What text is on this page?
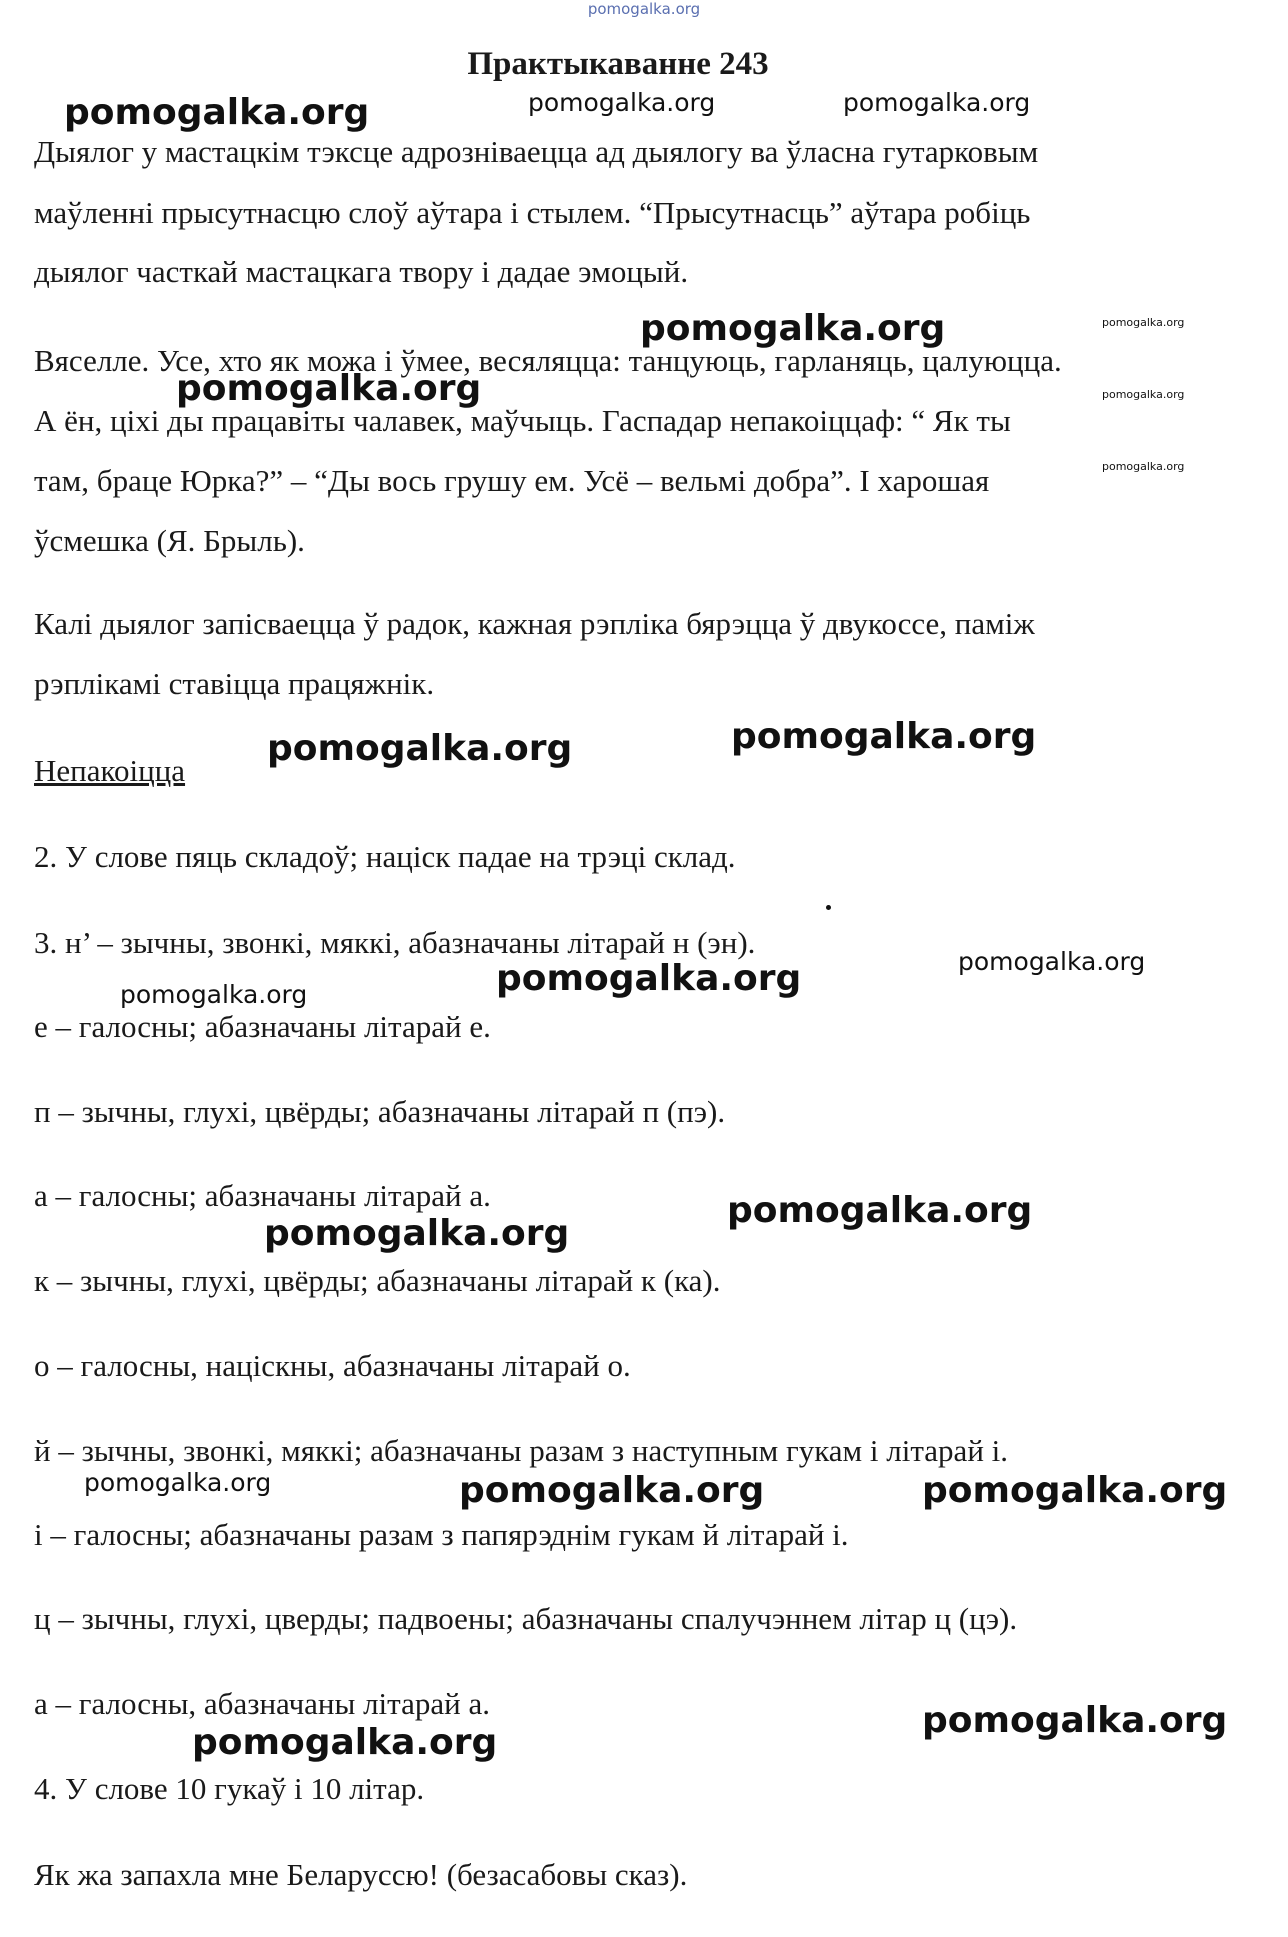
pomogalka.org
Практыкаванне 243
Дыялог у мастацкім тэксце адрозніваецца ад дыялогу ва ўласна гутарковым
маўленні прысутнасцю слоў аўтара і стылем. “Прысутнасць” аўтара робіць
дыялог часткай мастацкага твору і дадае эмоцый.
Вяселле. Усе, хто як можа і ўмее, весяляцца: танцуюць, гарланяць, цалуюцца.
А ён, ціхі ды працавіты чалавек, маўчыць. Гаспадар непакоіццаф: “ Як ты
там, браце Юрка?” – “Ды вось грушу ем. Усё – вельмі добра”. І харошая
ўсмешка (Я. Брыль).
Калі дыялог запісваецца ў радок, кажная рэпліка бярэцца ў двукоссе, паміж
рэплікамі ставіцца працяжнік.
Непакоіцца
2. У слове пяць складоў; націск падае на трэці склад.
3. н’ – зычны, звонкі, мяккі, абазначаны літарай н (эн).
е – галосны; абазначаны літарай е.
п – зычны, глухі, цвёрды; абазначаны літарай п (пэ).
а – галосны; абазначаны літарай а.
к – зычны, глухі, цвёрды; абазначаны літарай к (ка).
о – галосны, націскны, абазначаны літарай о.
й – зычны, звонкі, мяккі; абазначаны разам з наступным гукам і літарай і.
і – галосны; абазначаны разам з папярэднім гукам й літарай і.
ц – зычны, глухі, цверды; падвоены; абазначаны спалучэннем літар ц (цэ).
а – галосны, абазначаны літарай а.
4. У слове 10 гукаў і 10 літар.
Як жа запахла мне Беларуссю! (безасабовы сказ).
pomogalka.org	pomogalka.org	pomogalka.org
pomogalka.org	pomogalka.org
pomogalka.org	pomogalka.org
pomogalka.org
pomogalka.org	pomogalka.org
pomogalka.org
pomogalka.org
pomogalka.org
pomogalka.org
pomogalka.org
pomogalka.org	pomogalka.org	pomogalka.org
pomogalka.org
pomogalka.org
